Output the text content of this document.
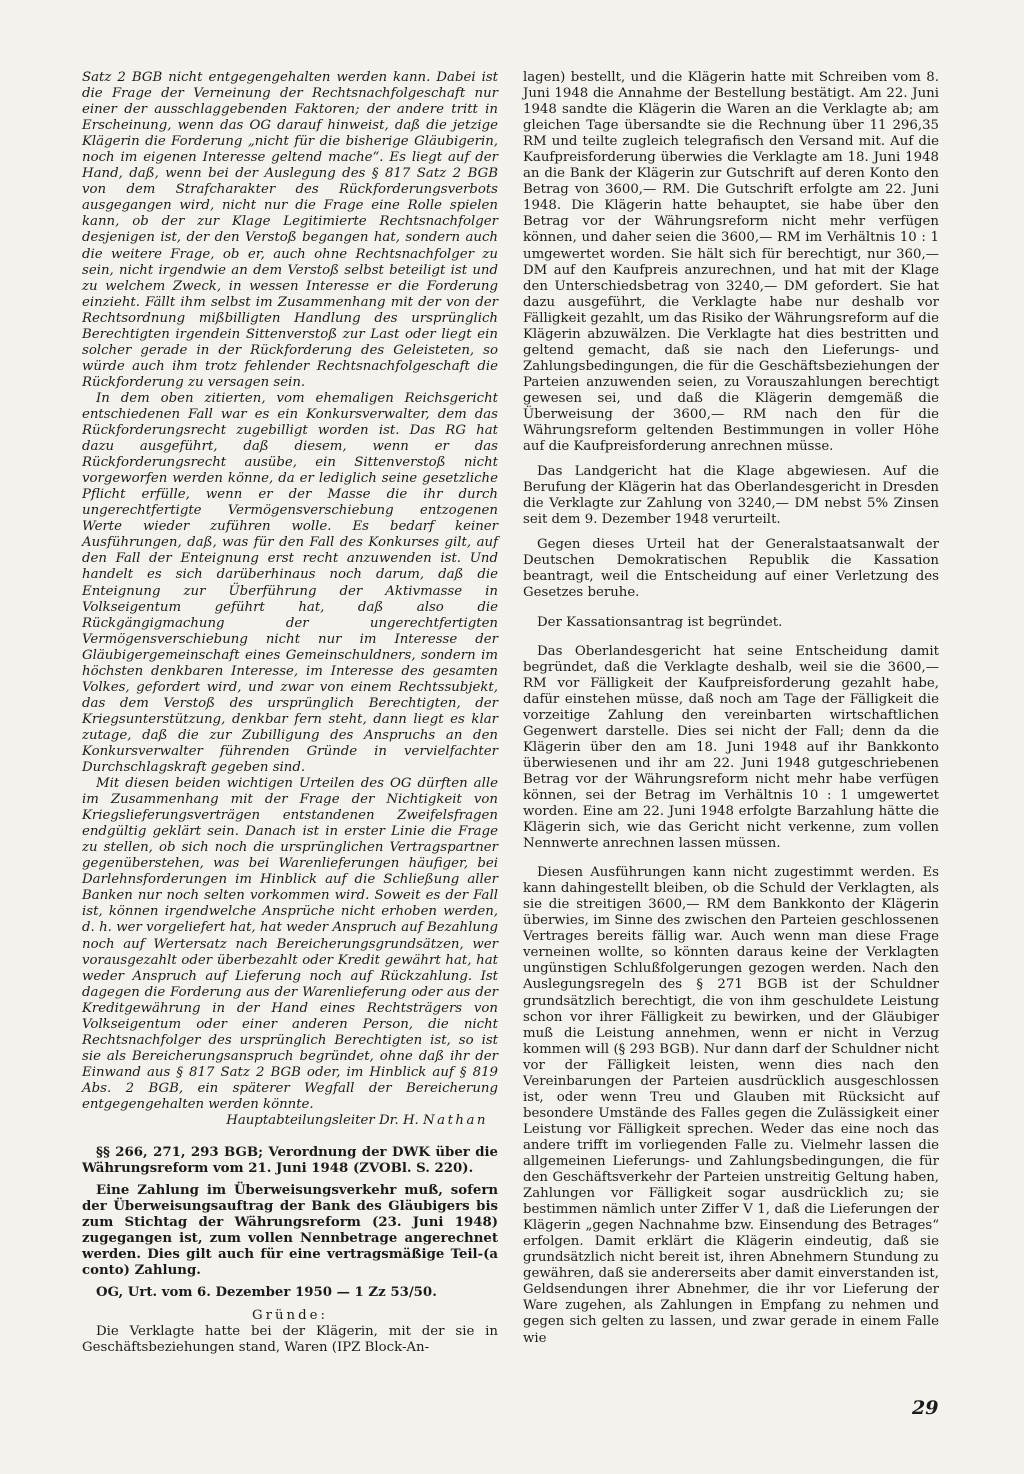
Satz 2 BGB nicht entgegengehalten werden kann. Dabei ist die Frage der Verneinung der Rechtsnachfolgeschaft nur einer der ausschlaggebenden Faktoren; der andere tritt in Erscheinung, wenn das OG darauf hinweist, daß die jetzige Klägerin die Forderung „nicht für die bisherige Gläubigerin, noch im eigenen Interesse geltend mache“. Es liegt auf der Hand, daß, wenn bei der Auslegung des § 817 Satz 2 BGB von dem Strafcharakter des Rückforderungsverbots ausgegangen wird, nicht nur die Frage eine Rolle spielen kann, ob der zur Klage Legitimierte Rechtsnachfolger desjenigen ist, der den Verstoß begangen hat, sondern auch die weitere Frage, ob er, auch ohne Rechtsnachfolger zu sein, nicht irgendwie an dem Verstoß selbst beteiligt ist und zu welchem Zweck, in wessen Interesse er die Forderung einzieht. Fällt ihm selbst im Zusammenhang mit der von der Rechtsordnung mißbilligten Handlung des ursprünglich Berechtigten irgendein Sittenverstoß zur Last oder liegt ein solcher gerade in der Rückforderung des Geleisteten, so würde auch ihm trotz fehlender Rechtsnachfolgeschaft die Rückforderung zu versagen sein.

In dem oben zitierten, vom ehemaligen Reichsgericht entschiedenen Fall war es ein Konkursverwalter, dem das Rückforderungsrecht zugebilligt worden ist. Das RG hat dazu ausgeführt, daß diesem, wenn er das Rückforderungsrecht ausübe, ein Sittenverstoß nicht vorgeworfen werden könne, da er lediglich seine gesetzliche Pflicht erfülle, wenn er der Masse die ihr durch ungerechtfertigte Vermögensverschiebung entzogenen Werte wieder zuführen wolle. Es bedarf keiner Ausführungen, daß, was für den Fall des Konkurses gilt, auf den Fall der Enteignung erst recht anzuwenden ist. Und handelt es sich darüberhinaus noch darum, daß die Enteignung zur Überführung der Aktivmasse in Volkseigentum geführt hat, daß also die Rückgängigmachung der ungerechtfertigten Vermögensverschiebung nicht nur im Interesse der Gläubigergemeinschaft eines Gemeinschuldners, sondern im höchsten denkbaren Interesse, im Interesse des gesamten Volkes, gefordert wird, und zwar von einem Rechtssubjekt, das dem Verstoß des ursprünglich Berechtigten, der Kriegsunterstützung, denkbar fern steht, dann liegt es klar zutage, daß die zur Zubilligung des Anspruchs an den Konkursverwalter führenden Gründe in vervielfachter Durchschlagskraft gegeben sind.

Mit diesen beiden wichtigen Urteilen des OG dürften alle im Zusammenhang mit der Frage der Nichtigkeit von Kriegslieferungsverträgen entstandenen Zweifelsfragen endgültig geklärt sein. Danach ist in erster Linie die Frage zu stellen, ob sich noch die ursprünglichen Vertragspartner gegenüberstehen, was bei Warenlieferungen häufiger, bei Darlehnsforderungen im Hinblick auf die Schließung aller Banken nur noch selten vorkommen wird. Soweit es der Fall ist, können irgendwelche Ansprüche nicht erhoben werden, d. h. wer vorgeliefert hat, hat weder Anspruch auf Bezahlung noch auf Wertersatz nach Bereicherungsgrundsätzen, wer vorausgezahlt oder überbezahlt oder Kredit gewährt hat, hat weder Anspruch auf Lieferung noch auf Rückzahlung. Ist dagegen die Forderung aus der Warenlieferung oder aus der Kreditgewährung in der Hand eines Rechtsträgers von Volkseigentum oder einer anderen Person, die nicht Rechtsnachfolger des ursprünglich Berechtigten ist, so ist sie als Bereicherungsanspruch begründet, ohne daß ihr der Einwand aus § 817 Satz 2 BGB oder, im Hinblick auf § 819 Abs. 2 BGB, ein späterer Wegfall der Bereicherung entgegengehalten werden könnte.

Hauptabteilungsleiter Dr. H. Nathan

§§ 266, 271, 293 BGB; Verordnung der DWK über die Währungsreform vom 21. Juni 1948 (ZVOBl. S. 220).

Eine Zahlung im Überweisungsverkehr muß, sofern der Überweisungsauftrag der Bank des Gläubigers bis zum Stichtag der Währungsreform (23. Juni 1948) zugegangen ist, zum vollen Nennbetrage angerechnet werden. Dies gilt auch für eine vertragsmäßige Teil-(a conto) Zahlung.

OG, Urt. vom 6. Dezember 1950 — 1 Zz 53/50.

Gründe:

Die Verklagte hatte bei der Klägerin, mit der sie in Geschäftsbeziehungen stand, Waren (IPZ Block-An-

lagen) bestellt, und die Klägerin hatte mit Schreiben vom 8. Juni 1948 die Annahme der Bestellung bestätigt. Am 22. Juni 1948 sandte die Klägerin die Waren an die Verklagte ab; am gleichen Tage übersandte sie die Rechnung über 11 296,35 RM und teilte zugleich telegrafisch den Versand mit. Auf die Kaufpreisforderung überwies die Verklagte am 18. Juni 1948 an die Bank der Klägerin zur Gutschrift auf deren Konto den Betrag von 3600,— RM. Die Gutschrift erfolgte am 22. Juni 1948. Die Klägerin hatte behauptet, sie habe über den Betrag vor der Währungsreform nicht mehr verfügen können, und daher seien die 3600,— RM im Verhältnis 10 : 1 umgewertet worden. Sie hält sich für berechtigt, nur 360,— DM auf den Kaufpreis anzurechnen, und hat mit der Klage den Unterschiedsbetrag von 3240,— DM gefordert. Sie hat dazu ausgeführt, die Verklagte habe nur deshalb vor Fälligkeit gezahlt, um das Risiko der Währungsreform auf die Klägerin abzuwälzen. Die Verklagte hat dies bestritten und geltend gemacht, daß sie nach den Lieferungs- und Zahlungsbedingungen, die für die Geschäftsbeziehungen der Parteien anzuwenden seien, zu Vorauszahlungen berechtigt gewesen sei, und daß die Klägerin demgemäß die Überweisung der 3600,— RM nach den für die Währungsreform geltenden Bestimmungen in voller Höhe auf die Kaufpreisforderung anrechnen müsse.

Das Landgericht hat die Klage abgewiesen. Auf die Berufung der Klägerin hat das Oberlandesgericht in Dresden die Verklagte zur Zahlung von 3240,— DM nebst 5% Zinsen seit dem 9. Dezember 1948 verurteilt.

Gegen dieses Urteil hat der Generalstaatsanwalt der Deutschen Demokratischen Republik die Kassation beantragt, weil die Entscheidung auf einer Verletzung des Gesetzes beruhe.

Der Kassationsantrag ist begründet.

Das Oberlandesgericht hat seine Entscheidung damit begründet, daß die Verklagte deshalb, weil sie die 3600,— RM vor Fälligkeit der Kaufpreisforderung gezahlt habe, dafür einstehen müsse, daß noch am Tage der Fälligkeit die vorzeitige Zahlung den vereinbarten wirtschaftlichen Gegenwert darstelle. Dies sei nicht der Fall; denn da die Klägerin über den am 18. Juni 1948 auf ihr Bankkonto überwiesenen und ihr am 22. Juni 1948 gutgeschriebenen Betrag vor der Währungsreform nicht mehr habe verfügen können, sei der Betrag im Verhältnis 10 : 1 umgewertet worden. Eine am 22. Juni 1948 erfolgte Barzahlung hätte die Klägerin sich, wie das Gericht nicht verkenne, zum vollen Nennwerte anrechnen lassen müssen.

Diesen Ausführungen kann nicht zugestimmt werden. Es kann dahingestellt bleiben, ob die Schuld der Verklagten, als sie die streitigen 3600,— RM dem Bankkonto der Klägerin überwies, im Sinne des zwischen den Parteien geschlossenen Vertrages bereits fällig war. Auch wenn man diese Frage verneinen wollte, so könnten daraus keine der Verklagten ungünstigen Schlußfolgerungen gezogen werden. Nach den Auslegungsregeln des § 271 BGB ist der Schuldner grundsätzlich berechtigt, die von ihm geschuldete Leistung schon vor ihrer Fälligkeit zu bewirken, und der Gläubiger muß die Leistung annehmen, wenn er nicht in Verzug kommen will (§ 293 BGB). Nur dann darf der Schuldner nicht vor der Fälligkeit leisten, wenn dies nach den Vereinbarungen der Parteien ausdrücklich ausgeschlossen ist, oder wenn Treu und Glauben mit Rücksicht auf besondere Umstände des Falles gegen die Zulässigkeit einer Leistung vor Fälligkeit sprechen. Weder das eine noch das andere trifft im vorliegenden Falle zu. Vielmehr lassen die allgemeinen Lieferungs- und Zahlungsbedingungen, die für den Geschäftsverkehr der Parteien unstreitig Geltung haben, Zahlungen vor Fälligkeit sogar ausdrücklich zu; sie bestimmen nämlich unter Ziffer V 1, daß die Lieferungen der Klägerin „gegen Nachnahme bzw. Einsendung des Betrages“ erfolgen. Damit erklärt die Klägerin eindeutig, daß sie grundsätzlich nicht bereit ist, ihren Abnehmern Stundung zu gewähren, daß sie andererseits aber damit einverstanden ist, Geldsendungen ihrer Abnehmer, die ihr vor Lieferung der Ware zugehen, als Zahlungen in Empfang zu nehmen und gegen sich gelten zu lassen, und zwar gerade in einem Falle wie

29
